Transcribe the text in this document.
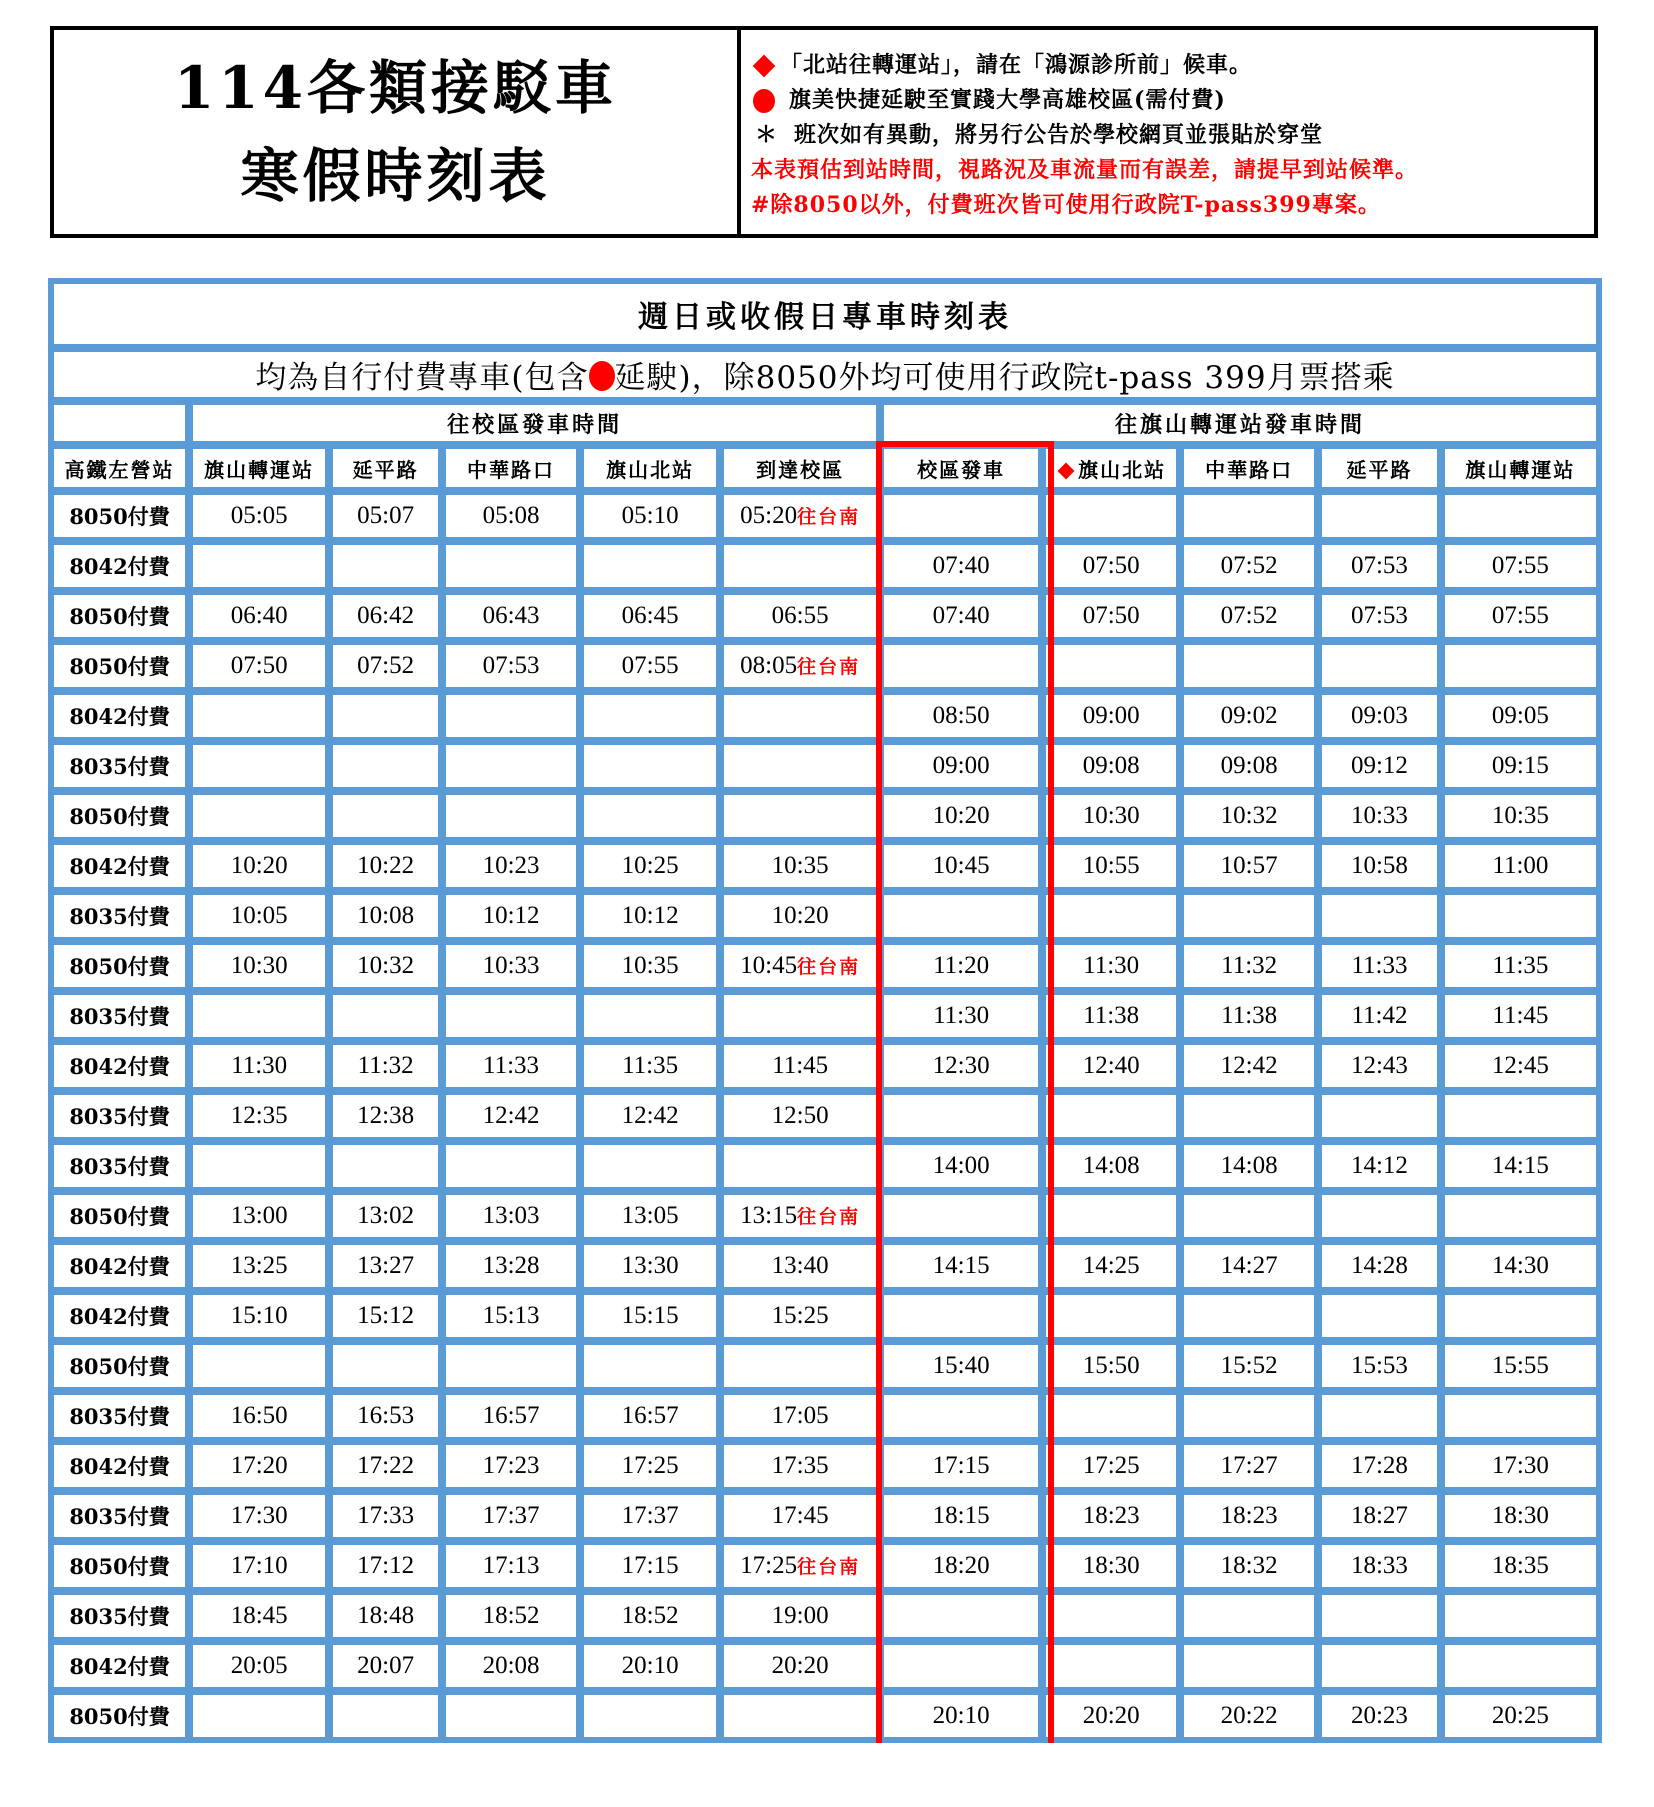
114各類接駁車
寒假時刻表
「北站往轉運站」，請在「鴻源診所前」候車。
旗美快捷延駛至實踐大學高雄校區(需付費)
＊ 班次如有異動，將另行公告於學校網頁並張貼於穿堂
本表預估到站時間，視路況及車流量而有誤差，請提早到站候準。
#除8050以外，付費班次皆可使用行政院T-pass399專案。
週日或收假日專車時刻表										
均為自行付費專車(包含 延駛)，除8050外均可使用行政院t-pass 399月票搭乘										
	往校區發車時間					往旗山轉運站發車時間				
高鐵左營站	旗山轉運站	延平路	中華路口	旗山北站	到達校區	校區發車	旗山北站	中華路口	延平路	旗山轉運站
8050付費	05:05	05:07	05:08	05:10	05:20往台南					
8042付費						07:40	07:50	07:52	07:53	07:55
8050付費	06:40	06:42	06:43	06:45	06:55	07:40	07:50	07:52	07:53	07:55
8050付費	07:50	07:52	07:53	07:55	08:05往台南					
8042付費						08:50	09:00	09:02	09:03	09:05
8035付費						09:00	09:08	09:08	09:12	09:15
8050付費						10:20	10:30	10:32	10:33	10:35
8042付費	10:20	10:22	10:23	10:25	10:35	10:45	10:55	10:57	10:58	11:00
8035付費	10:05	10:08	10:12	10:12	10:20					
8050付費	10:30	10:32	10:33	10:35	10:45往台南	11:20	11:30	11:32	11:33	11:35
8035付費						11:30	11:38	11:38	11:42	11:45
8042付費	11:30	11:32	11:33	11:35	11:45	12:30	12:40	12:42	12:43	12:45
8035付費	12:35	12:38	12:42	12:42	12:50					
8035付費						14:00	14:08	14:08	14:12	14:15
8050付費	13:00	13:02	13:03	13:05	13:15往台南					
8042付費	13:25	13:27	13:28	13:30	13:40	14:15	14:25	14:27	14:28	14:30
8042付費	15:10	15:12	15:13	15:15	15:25					
8050付費						15:40	15:50	15:52	15:53	15:55
8035付費	16:50	16:53	16:57	16:57	17:05					
8042付費	17:20	17:22	17:23	17:25	17:35	17:15	17:25	17:27	17:28	17:30
8035付費	17:30	17:33	17:37	17:37	17:45	18:15	18:23	18:23	18:27	18:30
8050付費	17:10	17:12	17:13	17:15	17:25往台南	18:20	18:30	18:32	18:33	18:35
8035付費	18:45	18:48	18:52	18:52	19:00					
8042付費	20:05	20:07	20:08	20:10	20:20					
8050付費						20:10	20:20	20:22	20:23	20:25
